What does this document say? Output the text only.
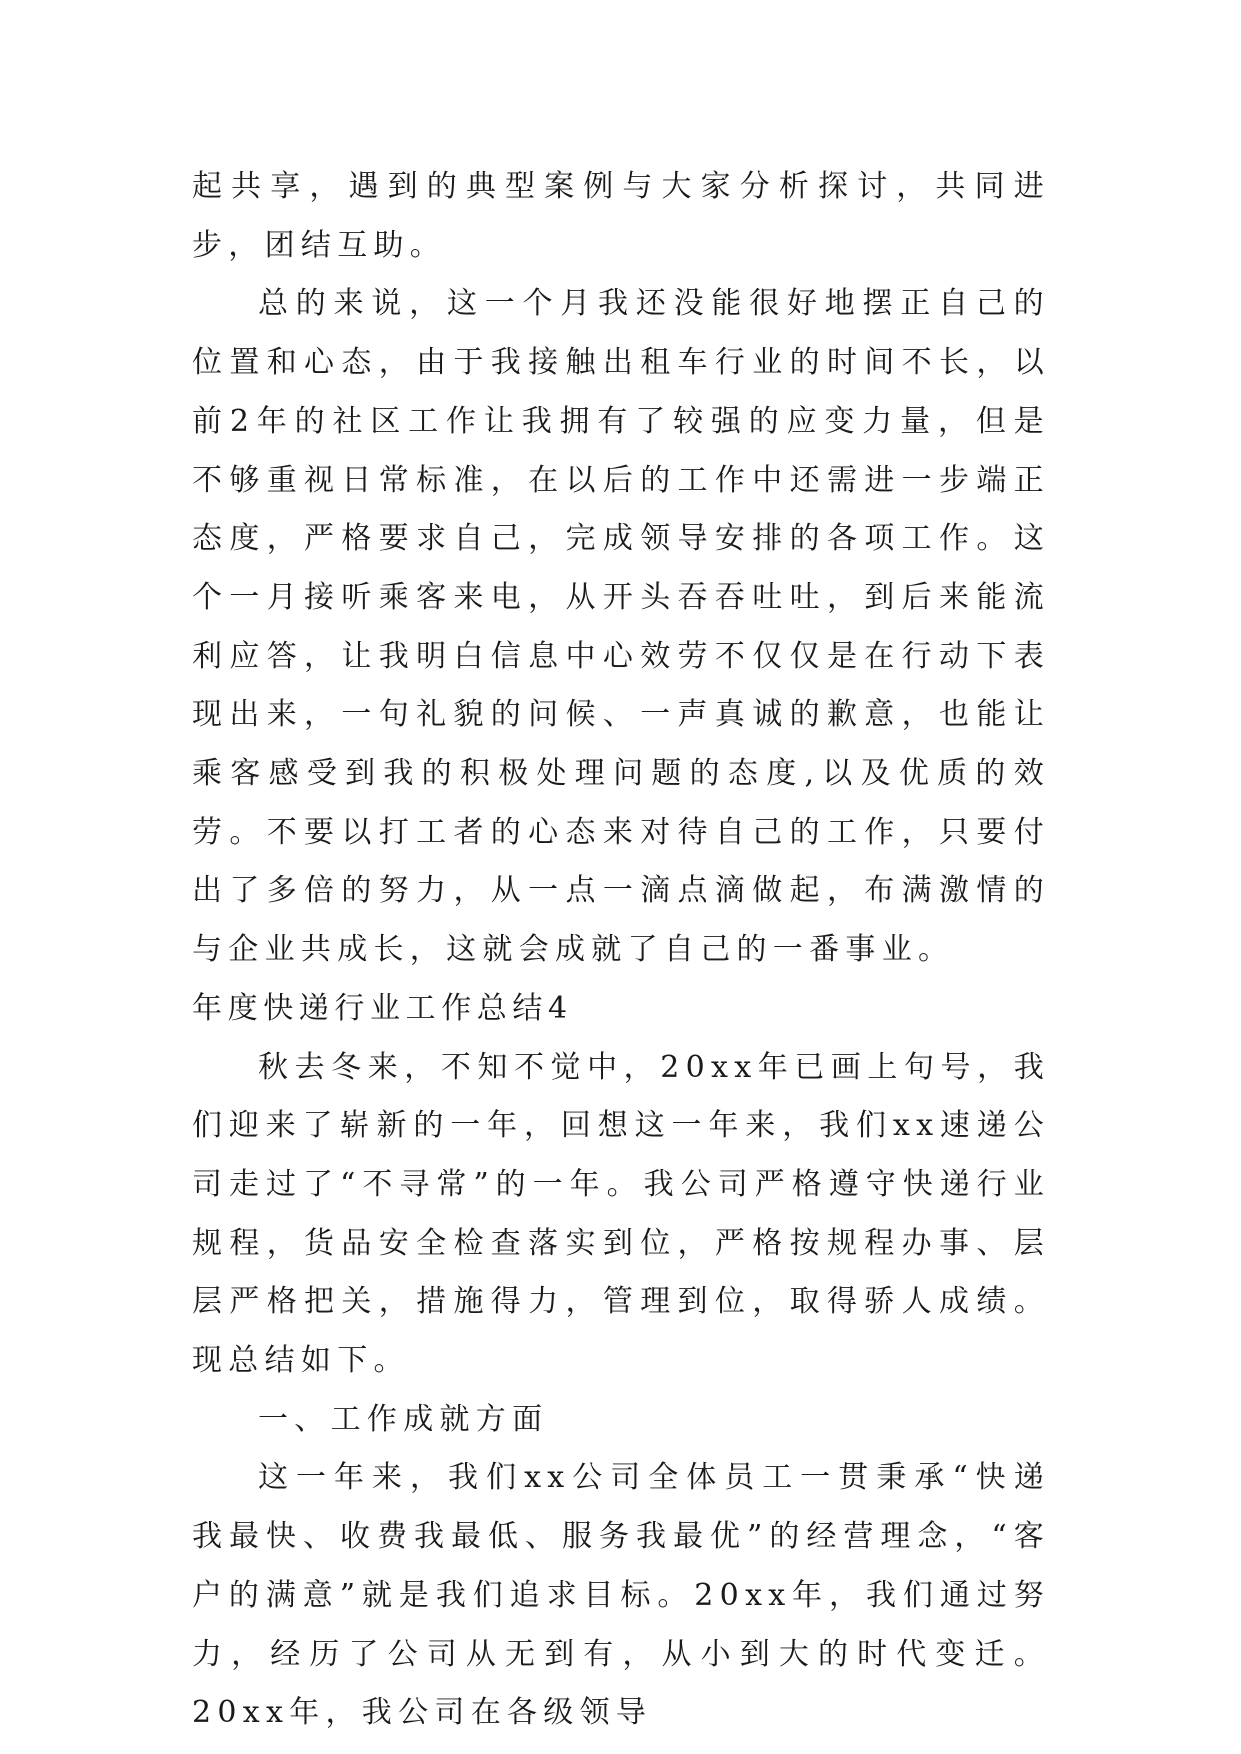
起共享，遇到的典型案例与大家分析探讨，共同进步，团结互助。

总的来说，这一个月我还没能很好地摆正自己的位置和心态，由于我接触出租车行业的时间不长，以前2年的社区工作让我拥有了较强的应变力量，但是不够重视日常标准，在以后的工作中还需进一步端正态度，严格要求自己，完成领导安排的各项工作。这个一月接听乘客来电，从开头吞吞吐吐，到后来能流利应答，让我明白信息中心效劳不仅仅是在行动下表现出来，一句礼貌的问候、一声真诚的歉意，也能让乘客感受到我的积极处理问题的态度,以及优质的效劳。不要以打工者的心态来对待自己的工作，只要付出了多倍的努力，从一点一滴点滴做起，布满激情的与企业共成长，这就会成就了自己的一番事业。

年度快递行业工作总结4

秋去冬来，不知不觉中，20xx年已画上句号，我们迎来了崭新的一年，回想这一年来，我们xx速递公司走过了“不寻常”的一年。我公司严格遵守快递行业规程，货品安全检查落实到位，严格按规程办事、层层严格把关，措施得力，管理到位，取得骄人成绩。现总结如下。

一、工作成就方面

这一年来，我们xx公司全体员工一贯秉承“快递我最快、收费我最低、服务我最优”的经营理念，“客户的满意”就是我们追求目标。20xx年，我们通过努力，经历了公司从无到有，从小到大的时代变迁。20xx年，我公司在各级领导
